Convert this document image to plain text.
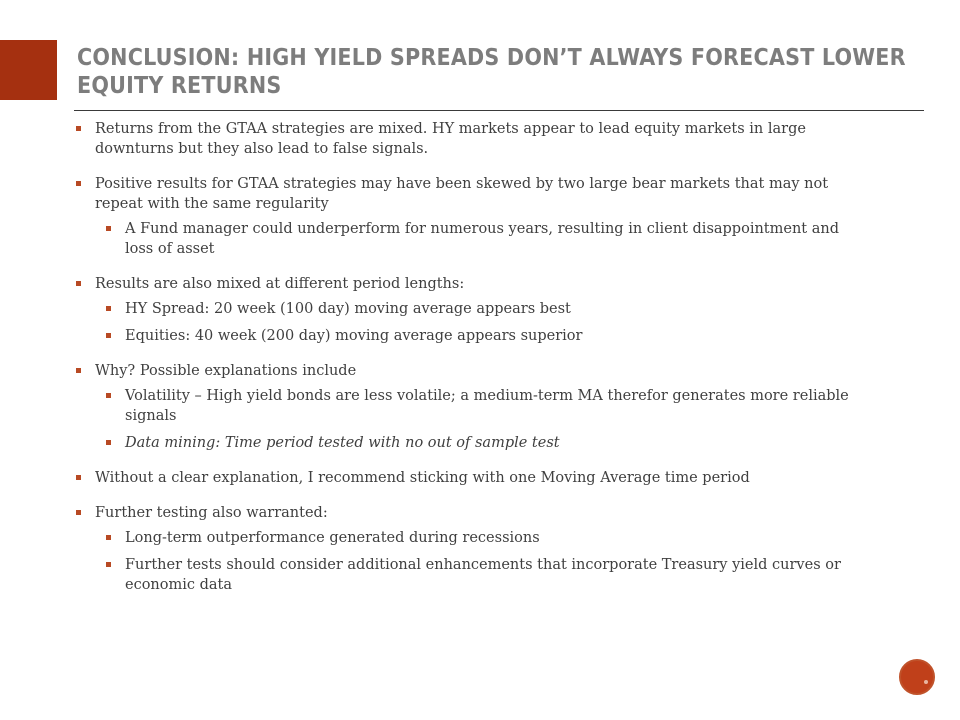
CONCLUSION: HIGH YIELD SPREADS DON’T ALWAYS FORECAST LOWER EQUITY RETURNS
Returns from the GTAA strategies are mixed. HY markets appear to lead equity markets in large downturns but they also lead to false signals.
Positive results for GTAA strategies may have been skewed by two large bear markets that may not repeat with the same regularity
A Fund manager could underperform for numerous years, resulting in client disappointment and loss of asset
Results are also mixed at different period lengths:
HY Spread: 20 week (100 day) moving average appears best
Equities: 40 week (200 day) moving average appears superior
Why? Possible explanations include
Volatility – High yield bonds are less volatile; a medium-term MA therefor generates more reliable signals
Data mining: Time period tested with no out of sample test
Without a clear explanation, I recommend sticking with one Moving Average time period
Further testing also warranted:
Long-term outperformance generated during recessions
Further tests should consider additional enhancements that incorporate Treasury yield curves or economic data
